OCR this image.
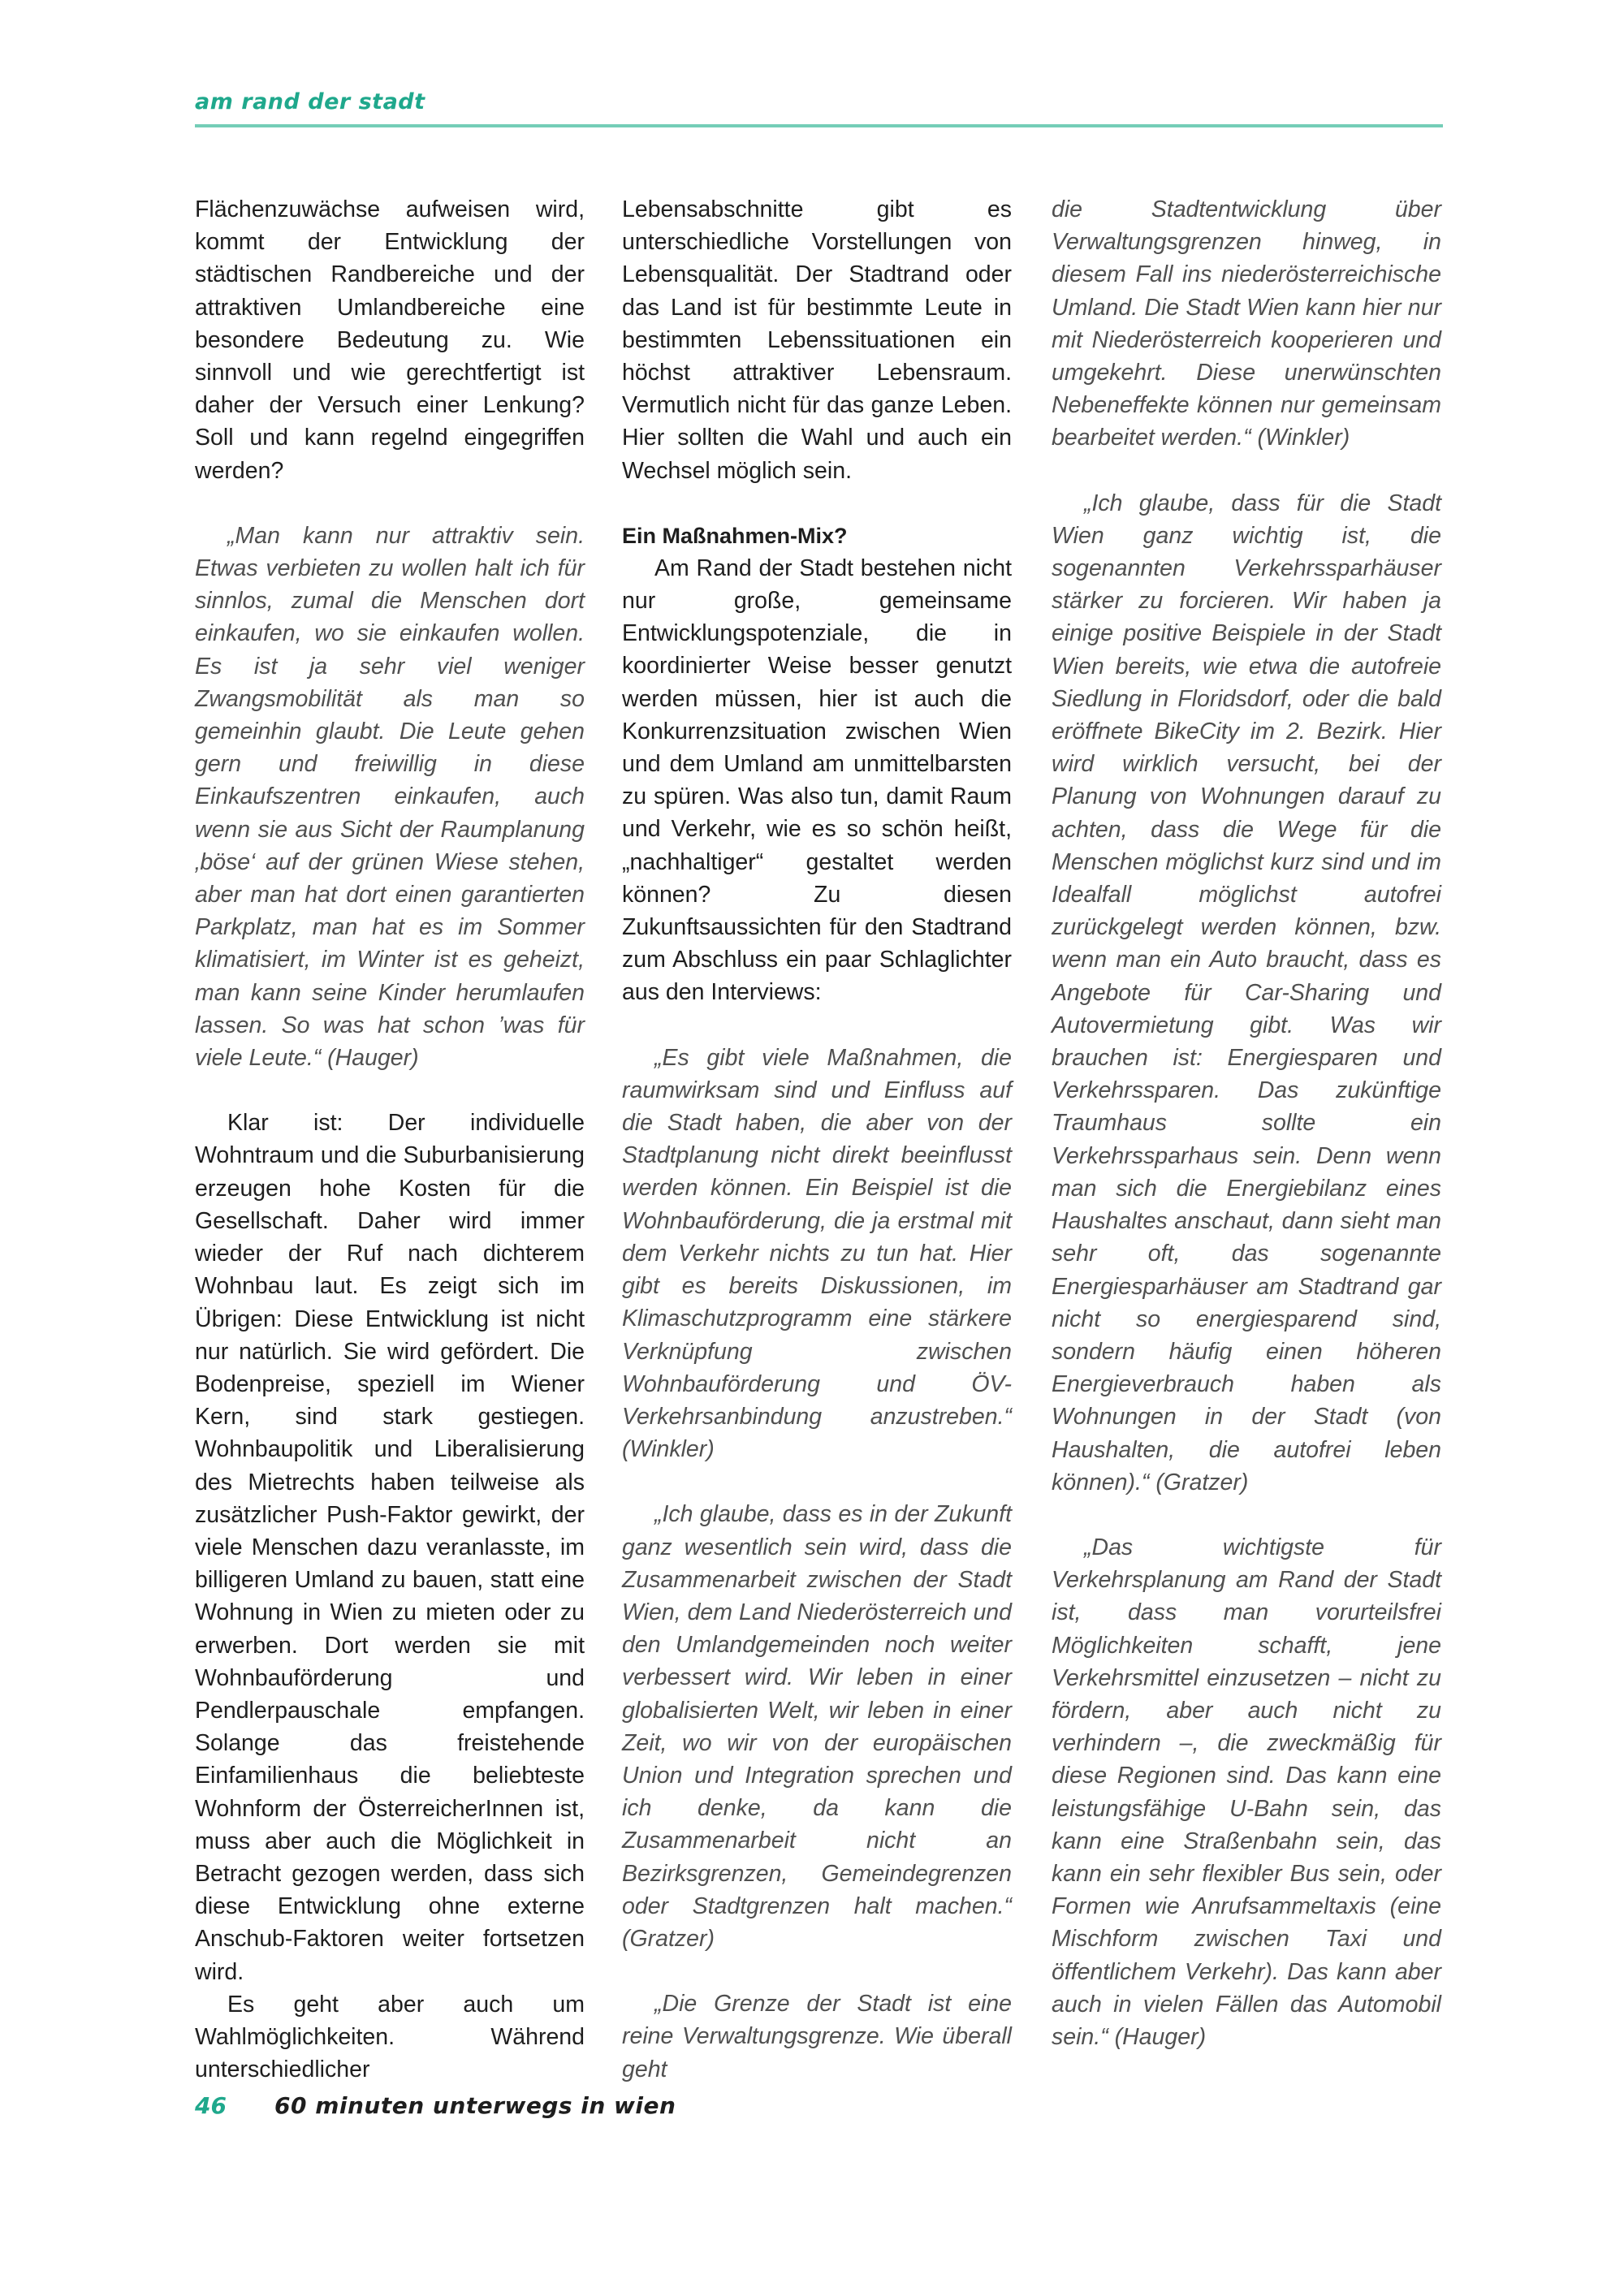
am rand der stadt

Flächenzuwächse aufweisen wird, kommt der Entwicklung der städtischen Randbereiche und der attraktiven Umlandbereiche eine besondere Bedeutung zu. Wie sinnvoll und wie gerechtfertigt ist daher der Versuch einer Lenkung? Soll und kann regelnd eingegriffen werden?

„Man kann nur attraktiv sein. Etwas verbieten zu wollen halt ich für sinnlos, zumal die Menschen dort einkaufen, wo sie einkaufen wollen. Es ist ja sehr viel weniger Zwangsmobilität als man so gemeinhin glaubt. Die Leute gehen gern und freiwillig in diese Einkaufszentren einkaufen, auch wenn sie aus Sicht der Raumplanung ‚böse‘ auf der grünen Wiese stehen, aber man hat dort einen garantierten Parkplatz, man hat es im Sommer klimatisiert, im Winter ist es geheizt, man kann seine Kinder herumlaufen lassen. So was hat schon ’was für viele Leute.“ (Hauger)

Klar ist: Der individuelle Wohntraum und die Suburbanisierung erzeugen hohe Kosten für die Gesellschaft. Daher wird immer wieder der Ruf nach dichterem Wohnbau laut. Es zeigt sich im Übrigen: Diese Entwicklung ist nicht nur natürlich. Sie wird gefördert. Die Bodenpreise, speziell im Wiener Kern, sind stark gestiegen. Wohnbaupolitik und Liberalisierung des Mietrechts haben teilweise als zusätzlicher Push-Faktor gewirkt, der viele Menschen dazu veranlasste, im billigeren Umland zu bauen, statt eine Wohnung in Wien zu mieten oder zu erwerben. Dort werden sie mit Wohnbauförderung und Pendlerpauschale empfangen. Solange das freistehende Einfamilienhaus die beliebteste Wohnform der ÖsterreicherInnen ist, muss aber auch die Möglichkeit in Betracht gezogen werden, dass sich diese Entwicklung ohne externe Anschub-Faktoren weiter fortsetzen wird.

Es geht aber auch um Wahlmöglichkeiten. Während unterschiedlicher

Lebensabschnitte gibt es unterschiedliche Vorstellungen von Lebensqualität. Der Stadtrand oder das Land ist für bestimmte Leute in bestimmten Lebenssituationen ein höchst attraktiver Lebensraum. Vermutlich nicht für das ganze Leben. Hier sollten die Wahl und auch ein Wechsel möglich sein.

Ein Maßnahmen-Mix?

Am Rand der Stadt bestehen nicht nur große, gemeinsame Entwicklungspotenziale, die in koordinierter Weise besser genutzt werden müssen, hier ist auch die Konkurrenzsituation zwischen Wien und dem Umland am unmittelbarsten zu spüren. Was also tun, damit Raum und Verkehr, wie es so schön heißt, „nachhaltiger“ gestaltet werden können? Zu diesen Zukunftsaussichten für den Stadtrand zum Abschluss ein paar Schlaglichter aus den Interviews:

„Es gibt viele Maßnahmen, die raumwirksam sind und Einfluss auf die Stadt haben, die aber von der Stadtplanung nicht direkt beeinflusst werden können. Ein Beispiel ist die Wohnbauförderung, die ja erstmal mit dem Verkehr nichts zu tun hat. Hier gibt es bereits Diskussionen, im Klimaschutzprogramm eine stärkere Verknüpfung zwischen Wohnbauförderung und ÖV-Verkehrsanbindung anzustreben.“ (Winkler)

„Ich glaube, dass es in der Zukunft ganz wesentlich sein wird, dass die Zusammenarbeit zwischen der Stadt Wien, dem Land Niederösterreich und den Umlandgemeinden noch weiter verbessert wird. Wir leben in einer globalisierten Welt, wir leben in einer Zeit, wo wir von der europäischen Union und Integration sprechen und ich denke, da kann die Zusammenarbeit nicht an Bezirksgrenzen, Gemeindegrenzen oder Stadtgrenzen halt machen.“ (Gratzer)

„Die Grenze der Stadt ist eine reine Verwaltungsgrenze. Wie überall geht

die Stadtentwicklung über Verwaltungsgrenzen hinweg, in diesem Fall ins niederösterreichische Umland. Die Stadt Wien kann hier nur mit Niederösterreich kooperieren und umgekehrt. Diese unerwünschten Nebeneffekte können nur gemeinsam bearbeitet werden.“ (Winkler)

„Ich glaube, dass für die Stadt Wien ganz wichtig ist, die sogenannten Verkehrssparhäuser stärker zu forcieren. Wir haben ja einige positive Beispiele in der Stadt Wien bereits, wie etwa die autofreie Siedlung in Floridsdorf, oder die bald eröffnete BikeCity im 2. Bezirk. Hier wird wirklich versucht, bei der Planung von Wohnungen darauf zu achten, dass die Wege für die Menschen möglichst kurz sind und im Idealfall möglichst autofrei zurückgelegt werden können, bzw. wenn man ein Auto braucht, dass es Angebote für Car-Sharing und Autovermietung gibt. Was wir brauchen ist: Energiesparen und Verkehrssparen. Das zukünftige Traumhaus sollte ein Verkehrssparhaus sein. Denn wenn man sich die Energiebilanz eines Haushaltes anschaut, dann sieht man sehr oft, das sogenannte Energiesparhäuser am Stadtrand gar nicht so energiesparend sind, sondern häufig einen höheren Energieverbrauch haben als Wohnungen in der Stadt (von Haushalten, die autofrei leben können).“ (Gratzer)

„Das wichtigste für Verkehrsplanung am Rand der Stadt ist, dass man vorurteilsfrei Möglichkeiten schafft, jene Verkehrsmittel einzusetzen – nicht zu fördern, aber auch nicht zu verhindern –, die zweckmäßig für diese Regionen sind. Das kann eine leistungsfähige U-Bahn sein, das kann eine Straßenbahn sein, das kann ein sehr flexibler Bus sein, oder Formen wie Anrufsammeltaxis (eine Mischform zwischen Taxi und öffentlichem Verkehr). Das kann aber auch in vielen Fällen das Automobil sein.“ (Hauger)

46 60 minuten unterwegs in wien
